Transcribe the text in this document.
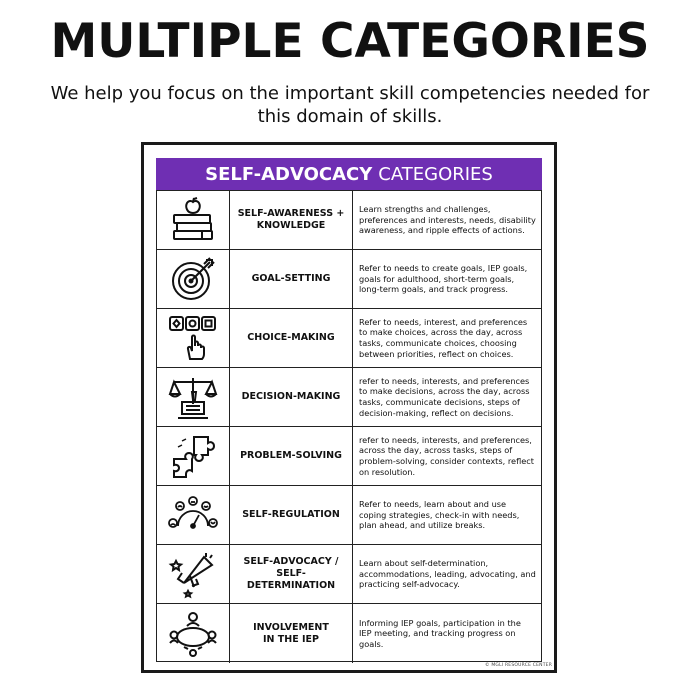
MULTIPLE CATEGORIES
We help you focus on the important skill competencies needed for
this domain of skills.
SELF-ADVOCACY CATEGORIES
SELF-AWARENESS +
KNOWLEDGE
Learn strengths and challenges, preferences and interests, needs, disability awareness, and ripple effects of actions.
GOAL-SETTING
Refer to needs to create goals, IEP goals, goals for adulthood, short-term goals, long-term goals, and track progress.
CHOICE-MAKING
Refer to needs, interest, and preferences to make choices, across the day, across tasks, communicate choices, choosing between priorities, reflect on choices.
DECISION-MAKING
refer to needs, interests, and preferences to make decisions, across the day, across tasks, communicate decisions, steps of decision-making, reflect on decisions.
PROBLEM-SOLVING
refer to needs, interests, and preferences, across the day, across tasks, steps of problem-solving, consider contexts, reflect on resolution.
SELF-REGULATION
Refer to needs, learn about and use coping strategies, check-in with needs, plan ahead, and utilize breaks.
SELF-ADVOCACY /
SELF-DETERMINATION
Learn about self-determination, accommodations, leading, advocating, and practicing self-advocacy.
INVOLVEMENT
IN THE IEP
Informing IEP goals, participation in the IEP meeting, and tracking progress on goals.
© MGLI RESOURCE CENTER
